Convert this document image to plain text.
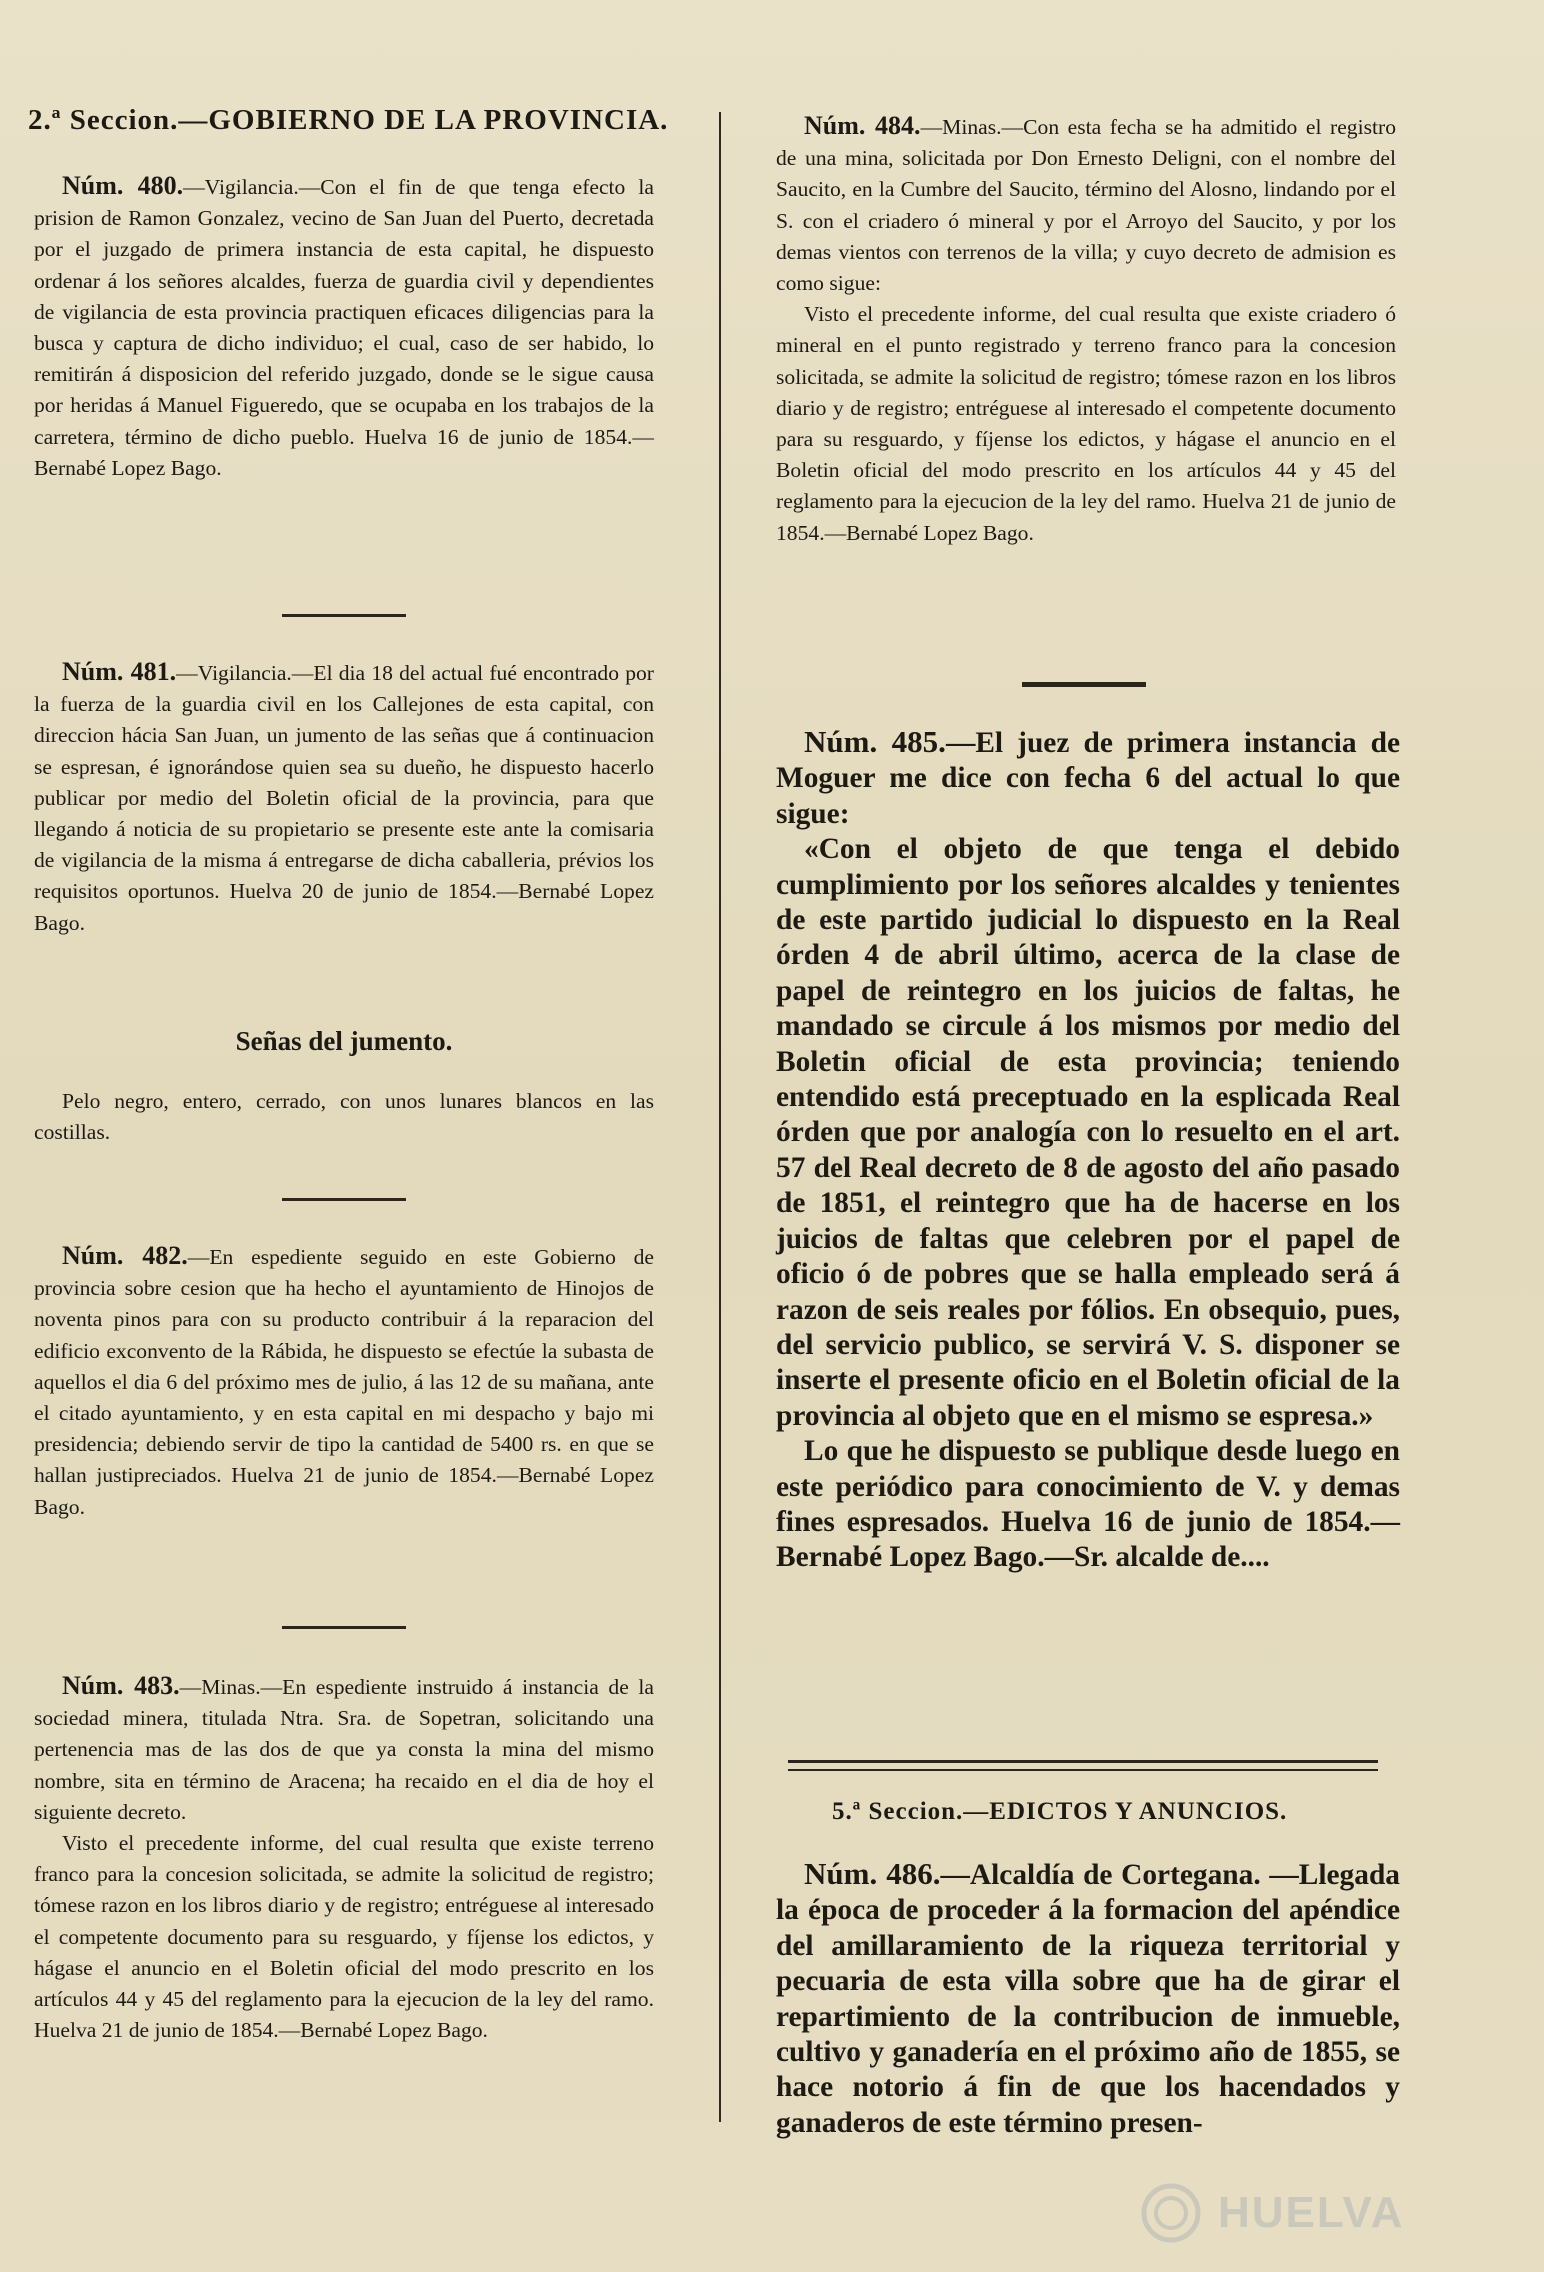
2.ª Seccion.—GOBIERNO DE LA PROVINCIA.

Núm. 480.—Vigilancia.—Con el fin de que tenga efecto la prision de Ramon Gonzalez, vecino de San Juan del Puerto, decretada por el juzgado de primera instancia de esta capital, he dispuesto ordenar á los señores alcaldes, fuerza de guardia civil y dependientes de vigilancia de esta provincia practiquen eficaces diligencias para la busca y captura de dicho individuo; el cual, caso de ser habido, lo remitirán á disposicion del referido juzgado, donde se le sigue causa por heridas á Manuel Figueredo, que se ocupaba en los trabajos de la carretera, término de dicho pueblo. Huelva 16 de junio de 1854.—Bernabé Lopez Bago.

Núm. 481.—Vigilancia.—El dia 18 del actual fué encontrado por la fuerza de la guardia civil en los Callejones de esta capital, con direccion hácia San Juan, un jumento de las señas que á continuacion se espresan, é ignorándose quien sea su dueño, he dispuesto hacerlo publicar por medio del Boletin oficial de la provincia, para que llegando á noticia de su propietario se presente este ante la comisaria de vigilancia de la misma á entregarse de dicha caballeria, prévios los requisitos oportunos. Huelva 20 de junio de 1854.—Bernabé Lopez Bago.

Señas del jumento.

Pelo negro, entero, cerrado, con unos lunares blancos en las costillas.

Núm. 482.—En espediente seguido en este Gobierno de provincia sobre cesion que ha hecho el ayuntamiento de Hinojos de noventa pinos para con su producto contribuir á la reparacion del edificio exconvento de la Rábida, he dispuesto se efectúe la subasta de aquellos el dia 6 del próximo mes de julio, á las 12 de su mañana, ante el citado ayuntamiento, y en esta capital en mi despacho y bajo mi presidencia; debiendo servir de tipo la cantidad de 5400 rs. en que se hallan justipreciados. Huelva 21 de junio de 1854.—Bernabé Lopez Bago.

Núm. 483.—Minas.—En espediente instruido á instancia de la sociedad minera, titulada Ntra. Sra. de Sopetran, solicitando una pertenencia mas de las dos de que ya consta la mina del mismo nombre, sita en término de Aracena; ha recaido en el dia de hoy el siguiente decreto.

Visto el precedente informe, del cual resulta que existe terreno franco para la concesion solicitada, se admite la solicitud de registro; tómese razon en los libros diario y de registro; entréguese al interesado el competente documento para su resguardo, y fíjense los edictos, y hágase el anuncio en el Boletin oficial del modo prescrito en los artículos 44 y 45 del reglamento para la ejecucion de la ley del ramo. Huelva 21 de junio de 1854.—Bernabé Lopez Bago.

Núm. 484.—Minas.—Con esta fecha se ha admitido el registro de una mina, solicitada por Don Ernesto Deligni, con el nombre del Saucito, en la Cumbre del Saucito, término del Alosno, lindando por el S. con el criadero ó mineral y por el Arroyo del Saucito, y por los demas vientos con terrenos de la villa; y cuyo decreto de admision es como sigue:

Visto el precedente informe, del cual resulta que existe criadero ó mineral en el punto registrado y terreno franco para la concesion solicitada, se admite la solicitud de registro; tómese razon en los libros diario y de registro; entréguese al interesado el competente documento para su resguardo, y fíjense los edictos, y hágase el anuncio en el Boletin oficial del modo prescrito en los artículos 44 y 45 del reglamento para la ejecucion de la ley del ramo. Huelva 21 de junio de 1854.—Bernabé Lopez Bago.

Núm. 485.—El juez de primera instancia de Moguer me dice con fecha 6 del actual lo que sigue:

«Con el objeto de que tenga el debido cumplimiento por los señores alcaldes y tenientes de este partido judicial lo dispuesto en la Real órden 4 de abril último, acerca de la clase de papel de reintegro en los juicios de faltas, he mandado se circule á los mismos por medio del Boletin oficial de esta provincia; teniendo entendido está preceptuado en la esplicada Real órden que por analogía con lo resuelto en el art. 57 del Real decreto de 8 de agosto del año pasado de 1851, el reintegro que ha de hacerse en los juicios de faltas que celebren por el papel de oficio ó de pobres que se halla empleado será á razon de seis reales por fólios. En obsequio, pues, del servicio publico, se servirá V. S. disponer se inserte el presente oficio en el Boletin oficial de la provincia al objeto que en el mismo se espresa.»

Lo que he dispuesto se publique desde luego en este periódico para conocimiento de V. y demas fines espresados. Huelva 16 de junio de 1854.—Bernabé Lopez Bago.—Sr. alcalde de....

5.ª Seccion.—EDICTOS Y ANUNCIOS.

Núm. 486.—Alcaldía de Cortegana. —Llegada la época de proceder á la formacion del apéndice del amillaramiento de la riqueza territorial y pecuaria de esta villa sobre que ha de girar el repartimiento de la contribucion de inmueble, cultivo y ganadería en el próximo año de 1855, se hace notorio á fin de que los hacendados y ganaderos de este término presen-

HUELVA
